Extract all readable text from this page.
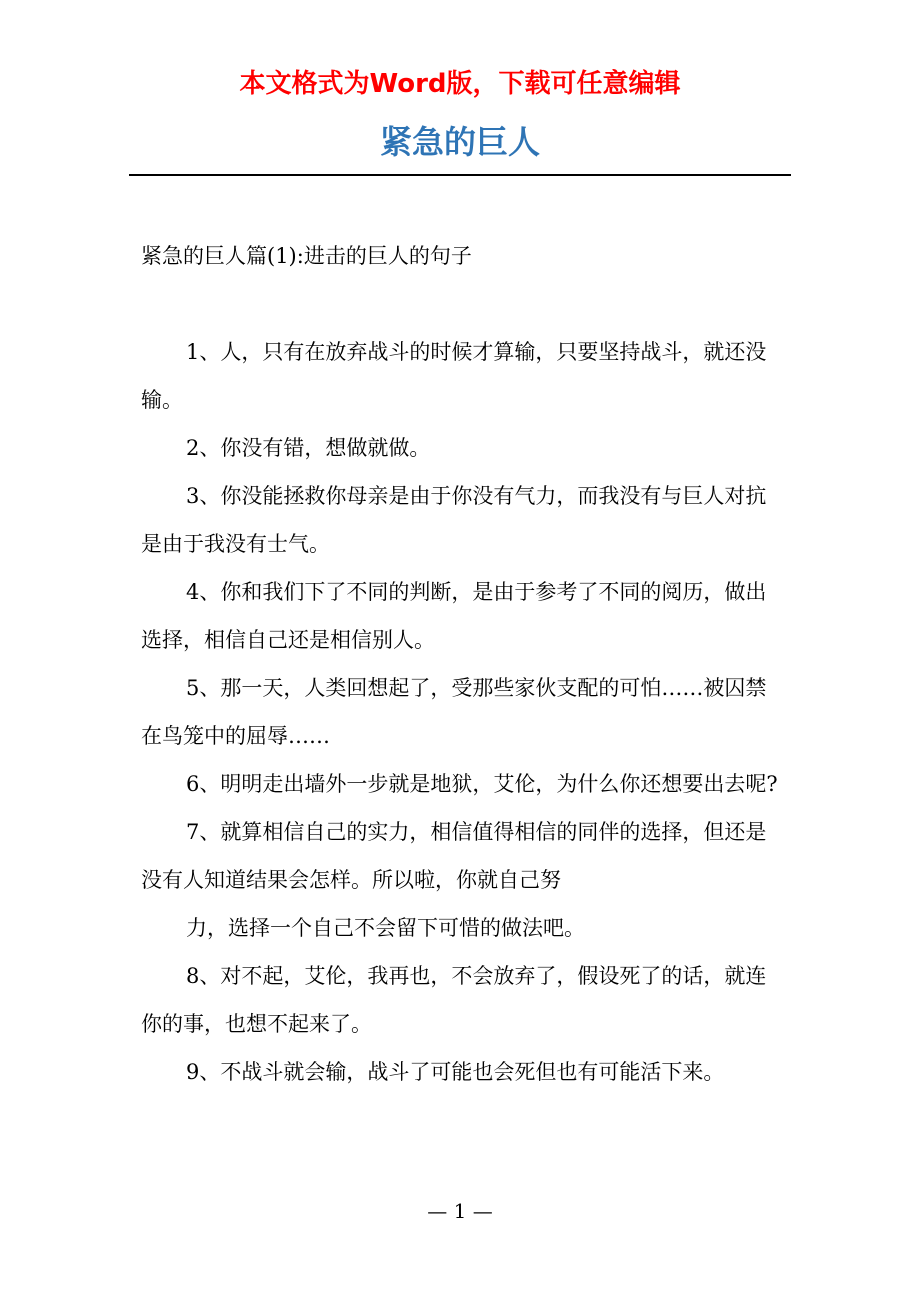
本文格式为Word版，下载可任意编辑
紧急的巨人

紧急的巨人篇(1):进击的巨人的句子

1、人，只有在放弃战斗的时候才算输，只要坚持战斗，就还没输。

2、你没有错，想做就做。

3、你没能拯救你母亲是由于你没有气力，而我没有与巨人对抗是由于我没有士气。

4、你和我们下了不同的判断，是由于参考了不同的阅历，做出选择，相信自己还是相信别人。

5、那一天，人类回想起了，受那些家伙支配的可怕……被囚禁在鸟笼中的屈辱……

6、明明走出墙外一步就是地狱，艾伦，为什么你还想要出去呢?

7、就算相信自己的实力，相信值得相信的同伴的选择，但还是没有人知道结果会怎样。所以啦，你就自己努

力，选择一个自己不会留下可惜的做法吧。

8、对不起，艾伦，我再也，不会放弃了，假设死了的话，就连你的事，也想不起来了。

9、不战斗就会输，战斗了可能也会死但也有可能活下来。

— 1 —
